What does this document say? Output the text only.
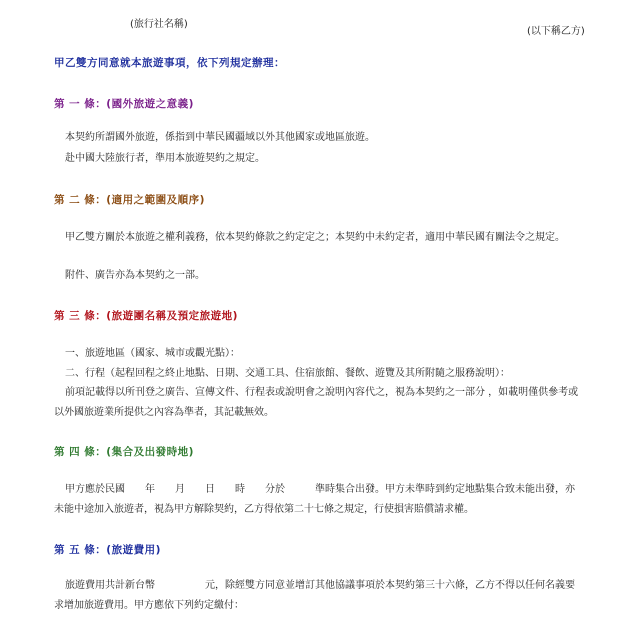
(旅行社名稱)
(以下稱乙方)
甲乙雙方同意就本旅遊事項，依下列規定辦理：
第 一 條：(國外旅遊之意義)
本契約所謂國外旅遊，係指到中華民國疆域以外其他國家或地區旅遊。
赴中國大陸旅行者，準用本旅遊契約之規定。
第 二 條：(適用之範圍及順序)
甲乙雙方關於本旅遊之權利義務，依本契約條款之約定定之；本契約中未約定者，適用中華民國有關法令之規定。
附件、廣告亦為本契約之一部。
第 三 條：(旅遊團名稱及預定旅遊地)
一、旅遊地區（國家、城市或觀光點）：
二、行程（起程回程之終止地點、日期、交通工具、住宿旅館、餐飲、遊覽及其所附隨之服務說明）：
前項記載得以所刊登之廣告、宣傳文件、行程表或說明會之說明內容代之，視為本契約之一部分 ，如載明僅供參考或以外國旅遊業所提供之內容為準者，其記載無效。
第 四 條：(集合及出發時地)
甲方應於民國　　年　　月　　日　　時　　分於　　　準時集合出發。甲方未準時到約定地點集合致未能出發，亦未能中途加入旅遊者，視為甲方解除契約，乙方得依第二十七條之規定，行使損害賠償請求權。
第 五 條：(旅遊費用)
旅遊費用共計新台幣　　　　　元，除經雙方同意並增訂其他協議事項於本契約第三十六條，乙方不得以任何名義要求增加旅遊費用。甲方應依下列約定繳付：
